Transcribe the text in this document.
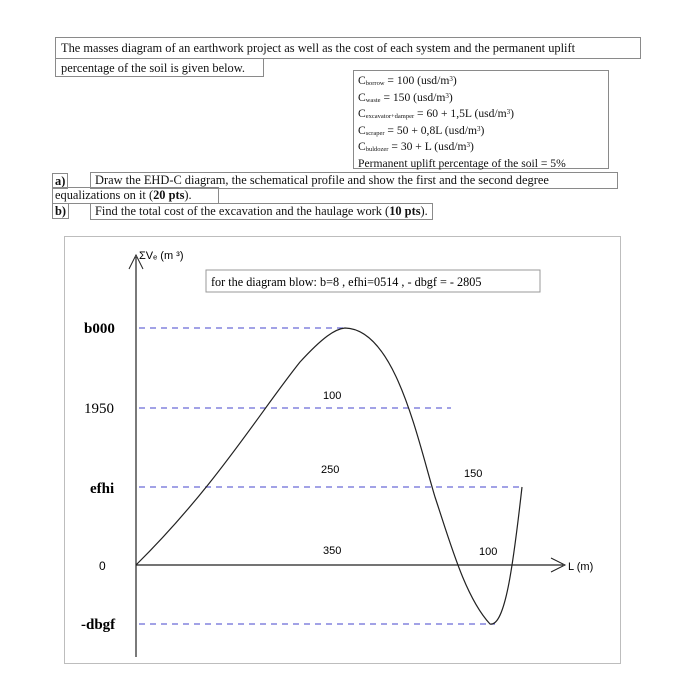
The masses diagram of an earthwork project as well as the cost of each system and the permanent uplift
percentage of the soil is given below.
$C_{borrow} = 100$ $(usd/m^3)$
$C_{waste} = 150$ $(usd/m^3)$
$C_{excavator+damper} = 60 + 1,5L$ $(usd/m^3)$
$C_{scraper} = 50 + 0,8L$ $(usd/m^3)$
$C_{buldozer} = 30 + L$ $(usd/m^3)$
Permanent uplift percentage of the soil = 5%
a)	Draw the EHD-C diagram, the schematical profile and show the first and the second degree
equalizations on it (20 pts).
b)	Find the total cost of the excavation and the haulage work (10 pts).
ΣVₑ (m ³)
L (m)
for the diagram blow: b=8 , efhi=0514 , - dbgf = - 2805
b000
1950
efhi
0
-dbgf
100
250
350
150
100
